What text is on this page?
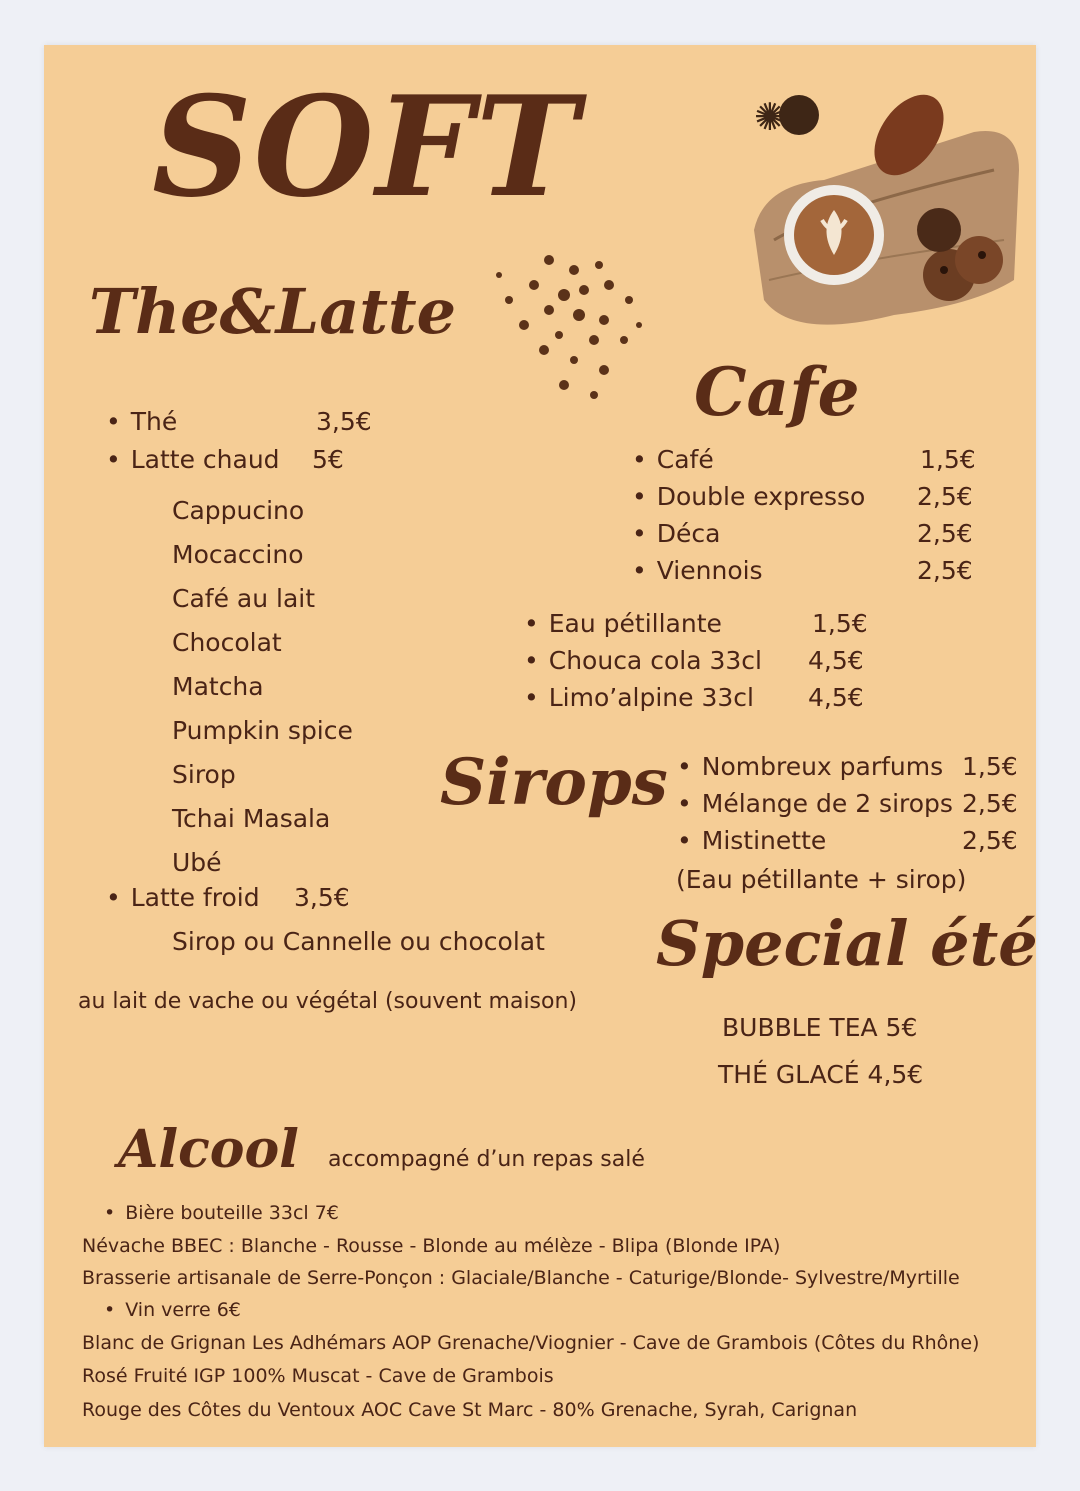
SOFT	✺
The&Latte
• Thé	3,5€
• Latte chaud 5€
Cappucino
Mocaccino
Café au lait
Chocolat
Matcha
Pumpkin spice
Sirop
Tchai Masala
Ubé
• Latte froid 3,5€
Sirop ou Cannelle ou chocolat
au lait de vache ou végétal (souvent maison)
Cafe
• Café	1,5€
• Double expresso 2,5€
• Déca	2,5€
• Viennois	2,5€
• Eau pétillante	1,5€
• Chouca cola 33cl 4,5€
• Limo’alpine 33cl 4,5€
Sirops
•	Nombreux parfums 1,5€
• Mélange de 2 sirops 2,5€
• Mistinette	2,5€
(Eau pétillante + sirop)
Special été
BUBBLE TEA 5€
THÉ GLACÉ 4,5€
Alcool accompagné d’un repas salé
• Bière bouteille 33cl 7€
Névache BBEC : Blanche - Rousse - Blonde au mélèze - Blipa (Blonde IPA)
Brasserie artisanale de Serre-Ponçon : Glaciale/Blanche - Caturige/Blonde- Sylvestre/Myrtille
• Vin verre 6€
Blanc de Grignan Les Adhémars AOP Grenache/Viognier - Cave de Grambois (Côtes du Rhône)
Rosé Fruité IGP 100% Muscat - Cave de Grambois
Rouge des Côtes du Ventoux AOC Cave St Marc - 80% Grenache, Syrah, Carignan
